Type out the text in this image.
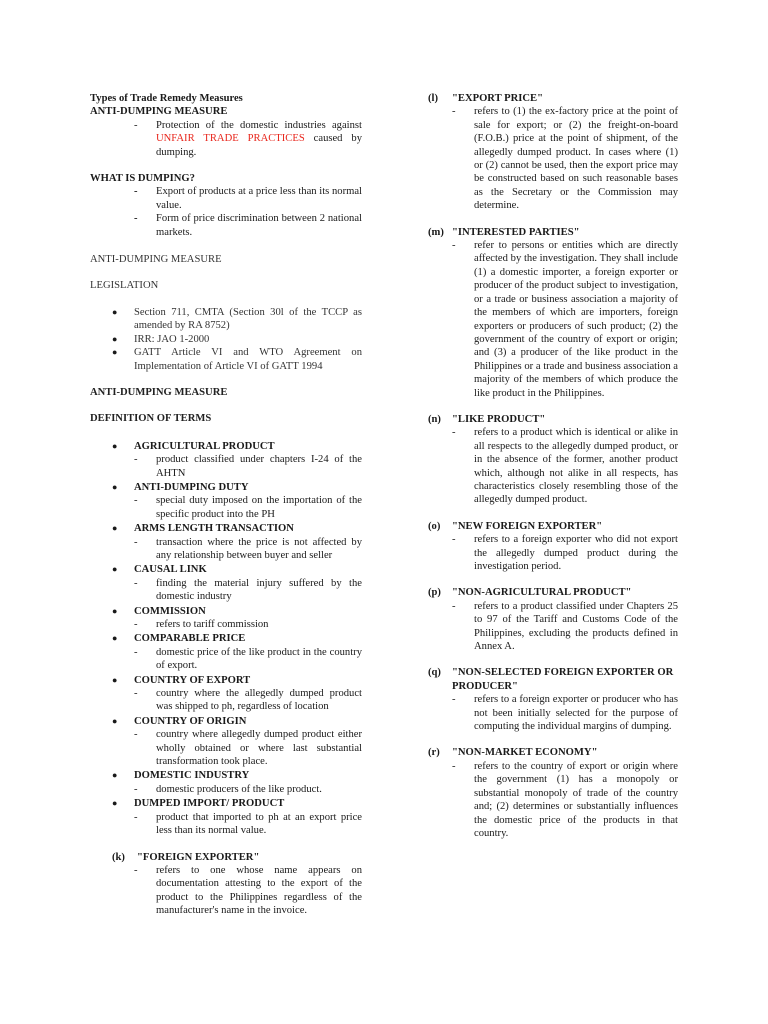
Types of Trade Remedy Measures
ANTI-DUMPING MEASURE
-	Protection of the domestic industries against UNFAIR TRADE PRACTICES caused by dumping.
WHAT IS DUMPING?
-	Export of products at a price less than its normal value.
-	Form of price discrimination between 2 national markets.
ANTI-DUMPING MEASURE
LEGISLATION
●	Section 711, CMTA (Section 30l of the TCCP as amended by RA 8752)
●	IRR: JAO 1-2000
●	GATT Article VI and WTO Agreement on Implementation of Article VI of GATT 1994
ANTI-DUMPING MEASURE
DEFINITION OF TERMS
●	AGRICULTURAL PRODUCT
-	product classified under chapters I-24 of the AHTN
●	ANTI-DUMPING DUTY
-	special duty imposed on the importation of the specific product into the PH
●	ARMS LENGTH TRANSACTION
-	transaction where the price is not affected by any relationship between buyer and seller
●	CAUSAL LINK
-	finding the material injury suffered by the domestic industry
●	COMMISSION
-	refers to tariff commission
●	COMPARABLE PRICE
-	domestic price of the like product in the country of export.
●	COUNTRY OF EXPORT
-	country where the allegedly dumped product was shipped to ph, regardless of location
●	COUNTRY OF ORIGIN
-	country where allegedly dumped product either wholly obtained or where last substantial transformation took place.
●	DOMESTIC INDUSTRY
-	domestic producers of the like product.
●	DUMPED IMPORT/ PRODUCT
-	product that imported to ph at an export price less than its normal value.
(k)	"FOREIGN EXPORTER"
-	refers to one whose name appears on documentation attesting to the export of the product to the Philippines regardless of the manufacturer's name in the invoice.
(l)	"EXPORT PRICE"
-	refers to (1) the ex-factory price at the point of sale for export; or (2) the freight-on-board (F.O.B.) price at the point of shipment, of the allegedly dumped product. In cases where (1) or (2) cannot be used, then the export price may be constructed based on such reasonable bases as the Secretary or the Commission may determine.
(m) "INTERESTED PARTIES"
-	refer to persons or entities which are directly affected by the investigation. They shall include (1) a domestic importer, a foreign exporter or producer of the product subject to investigation, or a trade or business association a majority of the members of which are importers, foreign exporters or producers of such product; (2) the government of the country of export or origin; and (3) a producer of the like product in the Philippines or a trade and business association a majority of the members of which produce the like product in the Philippines.
(n)	"LIKE PRODUCT"
-	refers to a product which is identical or alike in all respects to the allegedly dumped product, or in the absence of the former, another product which, although not alike in all respects, has characteristics closely resembling those of the allegedly dumped product.
(o)	"NEW FOREIGN EXPORTER"
-	refers to a foreign exporter who did not export the allegedly dumped product during the investigation period.
(p)	"NON-AGRICULTURAL PRODUCT"
-	refers to a product classified under Chapters 25 to 97 of the Tariff and Customs Code of the Philippines, excluding the products defined in Annex A.
(q)	"NON-SELECTED FOREIGN EXPORTER OR PRODUCER"
-	refers to a foreign exporter or producer who has not been initially selected for the purpose of computing the individual margins of dumping.
(r)	"NON-MARKET ECONOMY"
-	refers to the country of export or origin where the government (1) has a monopoly or substantial monopoly of trade of the country and; (2) determines or substantially influences the domestic price of the products in that country.
